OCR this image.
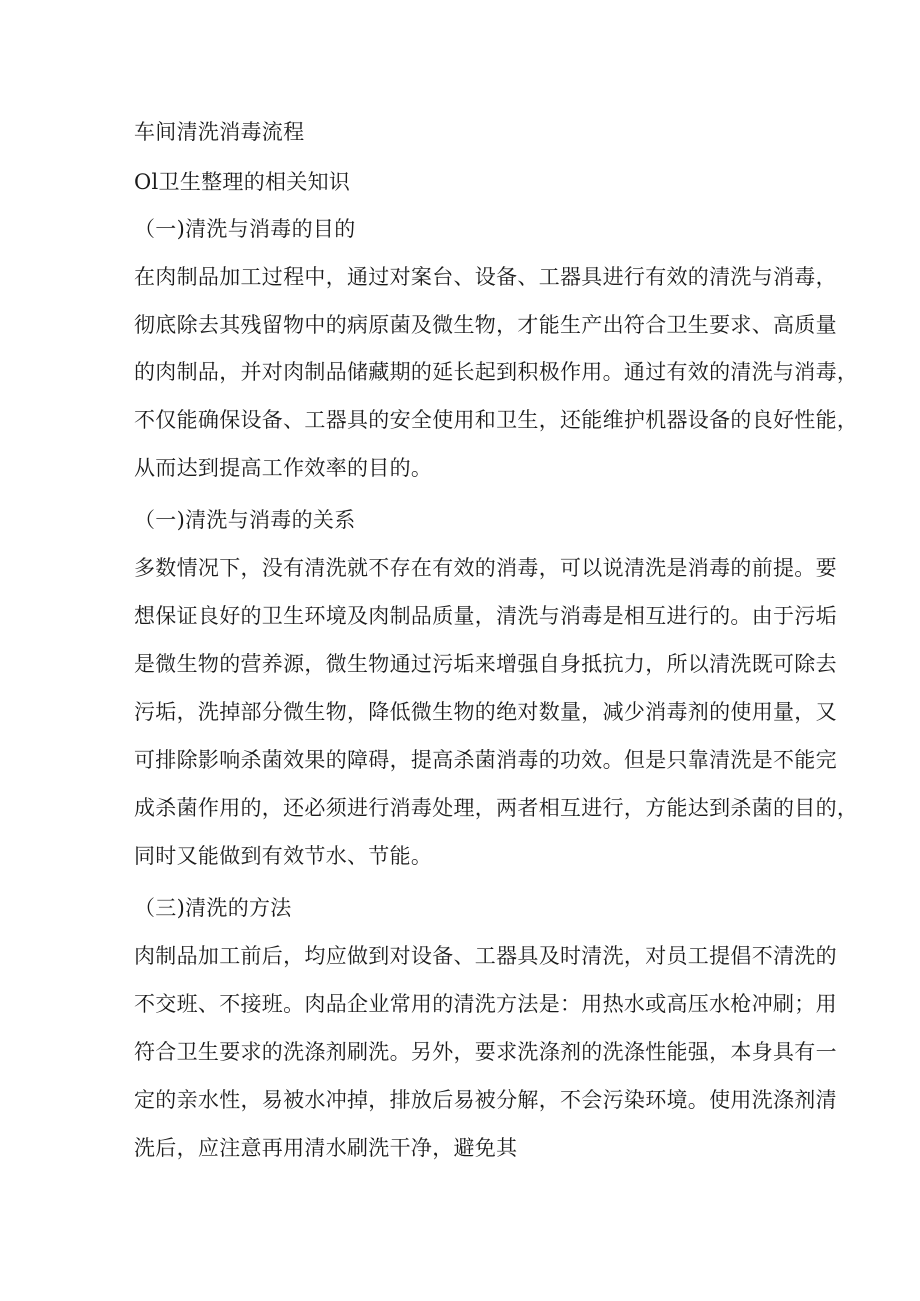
车间清洗消毒流程
Ol卫生整理的相关知识
（一)清洗与消毒的目的
在肉制品加工过程中，通过对案台、设备、工器具进行有效的清洗与消毒，
彻底除去其残留物中的病原菌及微生物，才能生产出符合卫生要求、高质量
的肉制品，并对肉制品储藏期的延长起到积极作用。通过有效的清洗与消毒，
不仅能确保设备、工器具的安全使用和卫生，还能维护机器设备的良好性能，
从而达到提高工作效率的目的。
（一)清洗与消毒的关系
多数情况下，没有清洗就不存在有效的消毒，可以说清洗是消毒的前提。要
想保证良好的卫生环境及肉制品质量，清洗与消毒是相互进行的。由于污垢
是微生物的营养源，微生物通过污垢来增强自身抵抗力，所以清洗既可除去
污垢，洗掉部分微生物，降低微生物的绝对数量，减少消毒剂的使用量，又
可排除影响杀菌效果的障碍，提高杀菌消毒的功效。但是只靠清洗是不能完
成杀菌作用的，还必须进行消毒处理，两者相互进行，方能达到杀菌的目的，
同时又能做到有效节水、节能。
（三)清洗的方法
肉制品加工前后，均应做到对设备、工器具及时清洗，对员工提倡不清洗的
不交班、不接班。肉品企业常用的清洗方法是：用热水或高压水枪冲刷；用
符合卫生要求的洗涤剂刷洗。另外，要求洗涤剂的洗涤性能强，本身具有一
定的亲水性，易被水冲掉，排放后易被分解，不会污染环境。使用洗涤剂清
洗后，应注意再用清水刷洗干净，避免其
